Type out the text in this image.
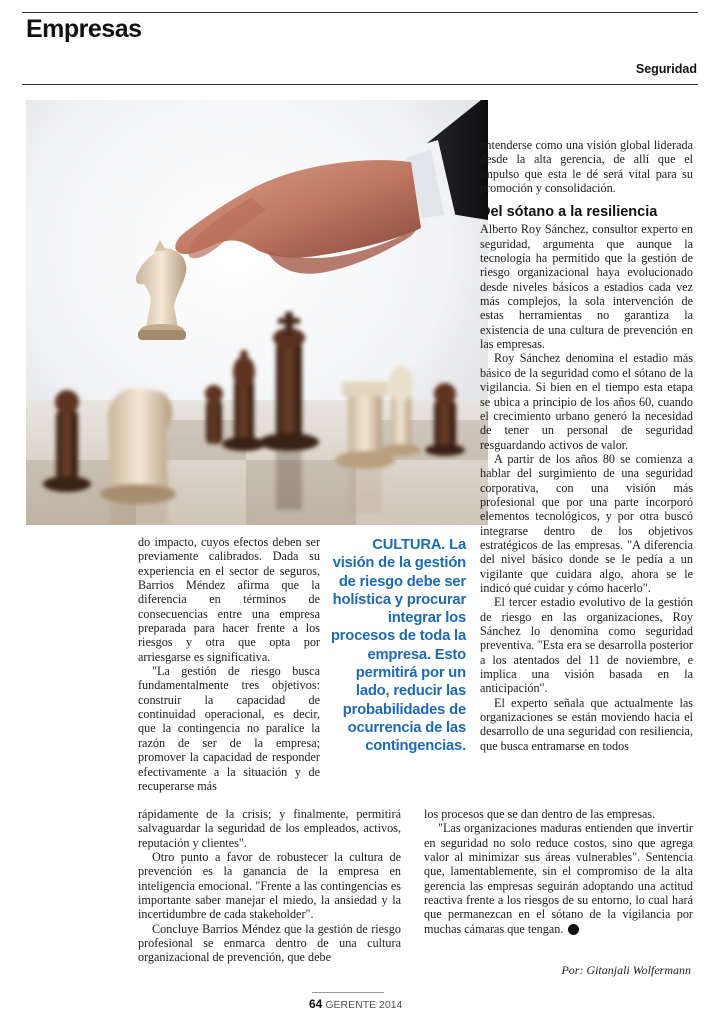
Empresas
Seguridad

entenderse como una visión global liderada desde la alta gerencia, de allí que el impulso que esta le dé será vital para su promoción y consolidación.

Del sótano a la resiliencia

Alberto Roy Sánchez, consultor experto en seguridad, argumenta que aunque la tecnología ha permitido que la gestión de riesgo organizacional haya evolucionado desde niveles básicos a estadios cada vez más complejos, la sola intervención de estas herramientas no garantiza la existencia de una cultura de prevención en las empresas.

Roy Sánchez denomina el estadio más básico de la seguridad como el sótano de la vigilancia. Si bien en el tiempo esta etapa se ubica a principio de los años 60, cuando el crecimiento urbano generó la necesidad de tener un personal de seguridad resguardando activos de valor.

A partir de los años 80 se comienza a hablar del surgimiento de una seguridad corporativa, con una visión más profesional que por una parte incorporó elementos tecnológicos, y por otra buscó integrarse dentro de los objetivos estratégicos de las empresas. "A diferencia del nivel básico donde se le pedía a un vigilante que cuidara algo, ahora se le indicó qué cuidar y cómo hacerlo".

El tercer estadio evolutivo de la gestión de riesgo en las organizaciones, Roy Sánchez lo denomina como seguridad preventiva. "Esta era se desarrolla posterior a los atentados del 11 de noviembre, e implica una visión basada en la anticipación".

El experto señala que actualmente las organizaciones se están moviendo hacia el desarrollo de una seguridad con resiliencia, que busca entramarse en todos

do impacto, cuyos efectos deben ser previamente calibrados. Dada su experiencia en el sector de seguros, Barrios Méndez afirma que la diferencia en términos de consecuencias entre una empresa preparada para hacer frente a los riesgos y otra que opta por arriesgarse es significativa.

"La gestión de riesgo busca fundamentalmente tres objetivos: construir la capacidad de continuidad operacional, es decir, que la contingencia no paralice la razón de ser de la empresa; promover la capacidad de responder efectivamente a la situación y de recuperarse más

CULTURA. La visión de la gestión de riesgo debe ser holística y procurar integrar los procesos de toda la empresa. Esto permitirá por un lado, reducir las probabilidades de ocurrencia de las contingencias.

rápidamente de la crisis; y finalmente, permitirá salvaguardar la seguridad de los empleados, activos, reputación y clientes".

Otro punto a favor de robustecer la cultura de prevención es la ganancia de la empresa en inteligencia emocional. "Frente a las contingencias es importante saber manejar el miedo, la ansiedad y la incertidumbre de cada stakeholder".

Concluye Barrios Méndez que la gestión de riesgo profesional se enmarca dentro de una cultura organizacional de prevención, que debe

los procesos que se dan dentro de las empresas.

"Las organizaciones maduras entienden que invertir en seguridad no solo reduce costos, sino que agrega valor al minimizar sus áreas vulnerables". Sentencia que, lamentablemente, sin el compromiso de la alta gerencia las empresas seguirán adoptando una actitud reactiva frente a los riesgos de su entorno, lo cual hará que permanezcan en el sótano de la vigilancia por muchas cámaras que tengan. G

Por: Gitanjali Wolfermann
64 GERENTE 2014
